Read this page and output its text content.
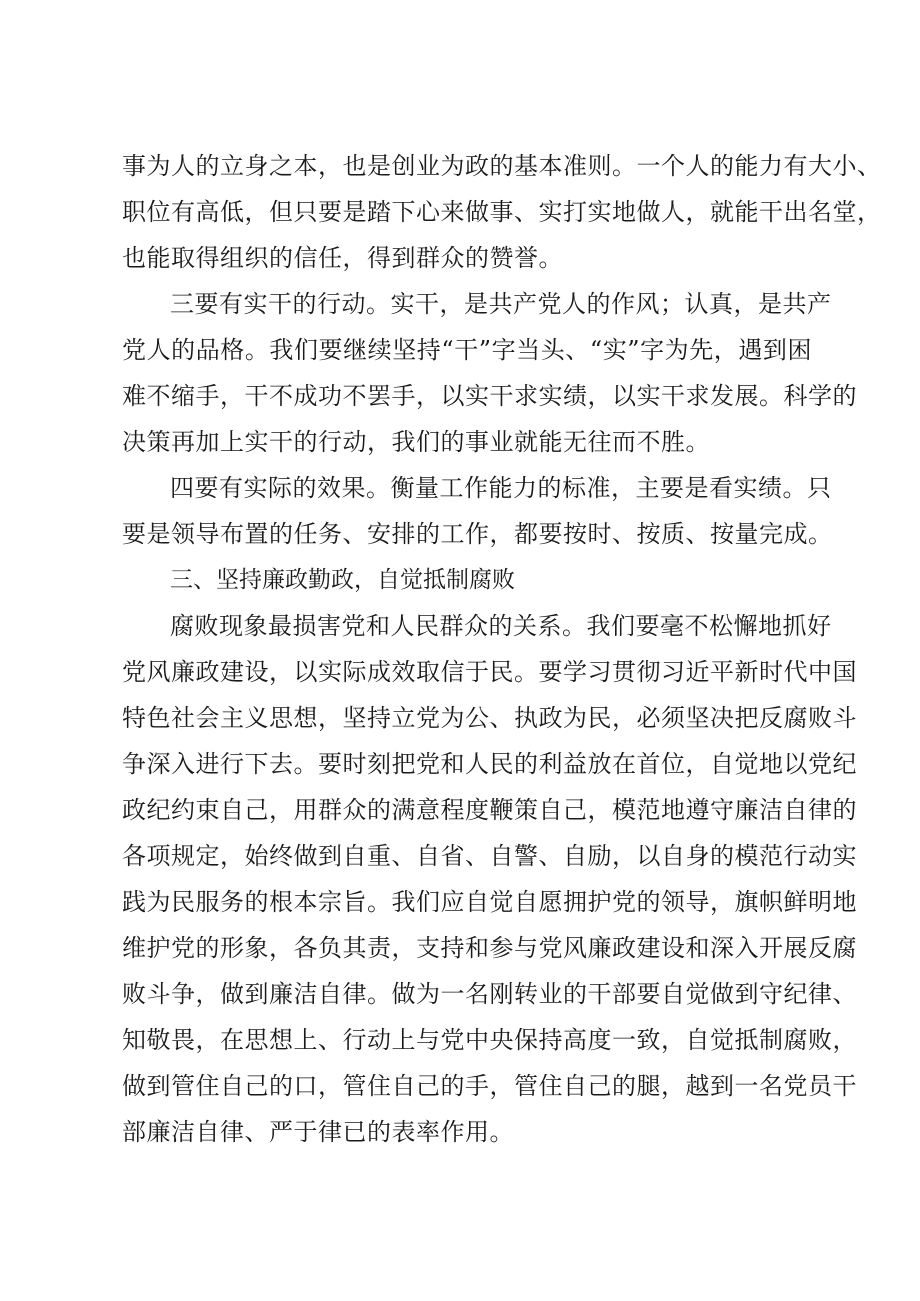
事为人的立身之本，也是创业为政的基本准则。一个人的能力有大小、
职位有高低，但只要是踏下心来做事、实打实地做人，就能干出名堂，
也能取得组织的信任，得到群众的赞誉。
三要有实干的行动。实干，是共产党人的作风；认真，是共产
党人的品格。我们要继续坚持“干”字当头、“实”字为先，遇到困
难不缩手，干不成功不罢手，以实干求实绩，以实干求发展。科学的
决策再加上实干的行动，我们的事业就能无往而不胜。
四要有实际的效果。衡量工作能力的标准，主要是看实绩。只
要是领导布置的任务、安排的工作，都要按时、按质、按量完成。
三、坚持廉政勤政，自觉抵制腐败
腐败现象最损害党和人民群众的关系。我们要毫不松懈地抓好
党风廉政建设，以实际成效取信于民。要学习贯彻习近平新时代中国
特色社会主义思想，坚持立党为公、执政为民，必须坚决把反腐败斗
争深入进行下去。要时刻把党和人民的利益放在首位，自觉地以党纪
政纪约束自己，用群众的满意程度鞭策自己，模范地遵守廉洁自律的
各项规定，始终做到自重、自省、自警、自励，以自身的模范行动实
践为民服务的根本宗旨。我们应自觉自愿拥护党的领导，旗帜鲜明地
维护党的形象，各负其责，支持和参与党风廉政建设和深入开展反腐
败斗争，做到廉洁自律。做为一名刚转业的干部要自觉做到守纪律、
知敬畏，在思想上、行动上与党中央保持高度一致，自觉抵制腐败，
做到管住自己的口，管住自己的手，管住自己的腿，越到一名党员干
部廉洁自律、严于律已的表率作用。
